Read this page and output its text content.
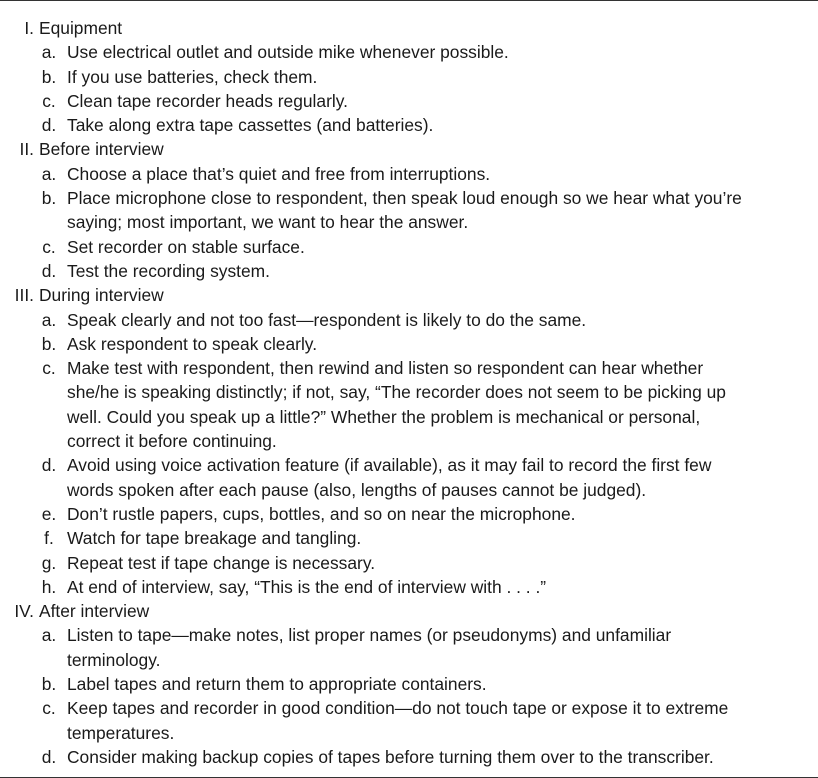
I. Equipment
a. Use electrical outlet and outside mike whenever possible.
b. If you use batteries, check them.
c. Clean tape recorder heads regularly.
d. Take along extra tape cassettes (and batteries).
II. Before interview
a. Choose a place that’s quiet and free from interruptions.
b. Place microphone close to respondent, then speak loud enough so we hear what you’re
saying; most important, we want to hear the answer.
c. Set recorder on stable surface.
d. Test the recording system.
III. During interview
a. Speak clearly and not too fast—respondent is likely to do the same.
b. Ask respondent to speak clearly.
c. Make test with respondent, then rewind and listen so respondent can hear whether
she/he is speaking distinctly; if not, say, “The recorder does not seem to be picking up
well. Could you speak up a little?” Whether the problem is mechanical or personal,
correct it before continuing.
d. Avoid using voice activation feature (if available), as it may fail to record the first few
words spoken after each pause (also, lengths of pauses cannot be judged).
e. Don’t rustle papers, cups, bottles, and so on near the microphone.
f. Watch for tape breakage and tangling.
g. Repeat test if tape change is necessary.
h. At end of interview, say, “This is the end of interview with . . . .”
IV. After interview
a. Listen to tape—make notes, list proper names (or pseudonyms) and unfamiliar
terminology.
b. Label tapes and return them to appropriate containers.
c. Keep tapes and recorder in good condition—do not touch tape or expose it to extreme
temperatures.
d. Consider making backup copies of tapes before turning them over to the transcriber.
